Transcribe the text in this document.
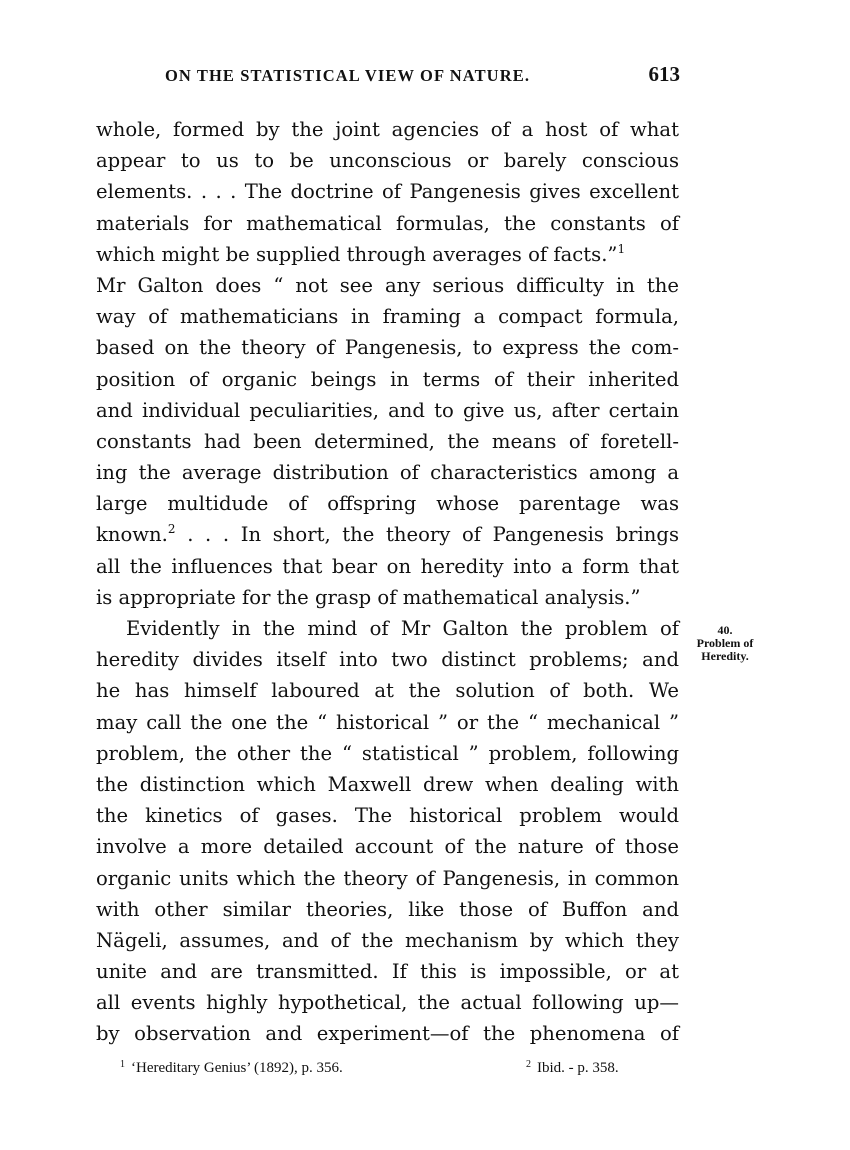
ON THE STATISTICAL VIEW OF NATURE.	613
whole, formed by the joint agencies of a host of what
appear to us to be unconscious or barely conscious
elements. . . . The doctrine of Pangenesis gives excellent
materials for mathematical formulas, the constants of
which might be supplied through averages of facts.”$^1$
Mr Galton does “ not see any serious difficulty in the
way of mathematicians in framing a compact formula,
based on the theory of Pangenesis, to express the com-
position of organic beings in terms of their inherited
and individual peculiarities, and to give us, after certain
constants had been determined, the means of foretell-
ing the average distribution of characteristics among a
large multidude of offspring whose parentage was
known.$^2$ . . . In short, the theory of Pangenesis brings
all the influences that bear on heredity into a form that
is appropriate for the grasp of mathematical analysis.”
Evidently in the mind of Mr Galton the problem of
heredity divides itself into two distinct problems; and
he has himself laboured at the solution of both. We
may call the one the “ historical ” or the “ mechanical ”
problem, the other the “ statistical ” problem, following
the distinction which Maxwell drew when dealing with
the kinetics of gases. The historical problem would
involve a more detailed account of the nature of those
organic units which the theory of Pangenesis, in common
with other similar theories, like those of Buffon and
Nägeli, assumes, and of the mechanism by which they
unite and are transmitted. If this is impossible, or at
all events highly hypothetical, the actual following up—
by observation and experiment—of the phenomena of
40.
Problem of
Heredity.
$^1$ ‘Hereditary Genius’ (1892), p. 356.	$^2$ Ibid. - p. 358.
